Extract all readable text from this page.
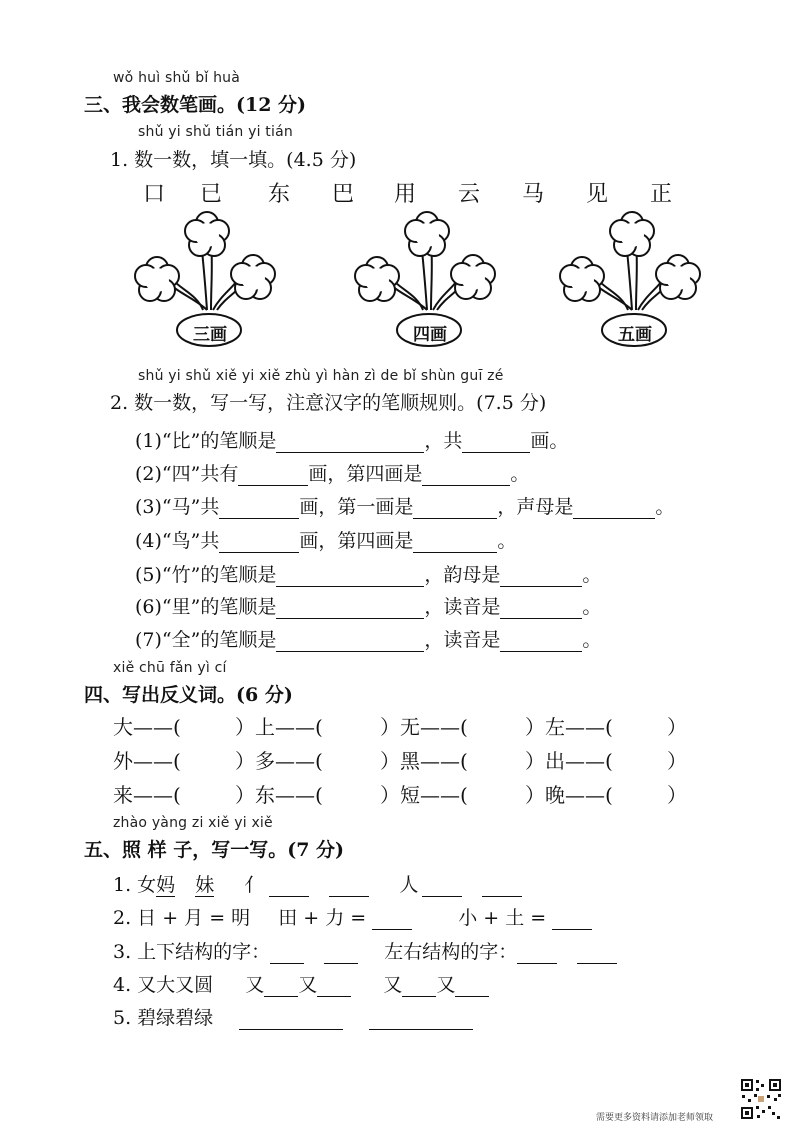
wǒ huì shǔ bǐ huà
三、我会数笔画。(12 分)
shǔ yi shǔ tián yi tián
1. 数一数，填一填。(4.5 分)
口 已 东 巴 用 云 马 见 正
三画	四画	五画
shǔ yi shǔ xiě yi xiě zhù yì hàn zì de bǐ shùn guī zé
2. 数一数，写一写，注意汉字的笔顺规则。(7.5 分)
(1)“比”的笔顺是	，共	画。
(2)“四”共有	画，第四画是	。
(3)“马”共	画，第一画是	，声母是	。
(4)“鸟”共	画，第四画是	。
(5)“竹”的笔顺是	，韵母是	。
(6)“里”的笔顺是	，读音是	。
(7)“全”的笔顺是	，读音是	。
xiě chū fǎn yì cí
四、写出反义词。(6 分)
大——(	）上——(	）无——(	）左——(	）
外——(	）多——(	）黑——(	）出——(	）
来——(	）东——(	）短——(	）晚——(	）
zhào yàng zi xiě yi xiě
五、照 样 子，写一写。(7 分)
1. 女妈 妹 亻	人
2. 日 + 月 = 明 田 + 力 =	小 + 土 =
3. 上下结构的字：	左右结构的字：
4. 又大又圆 又 又	又 又
5. 碧绿碧绿
需要更多资料请添加老师领取
